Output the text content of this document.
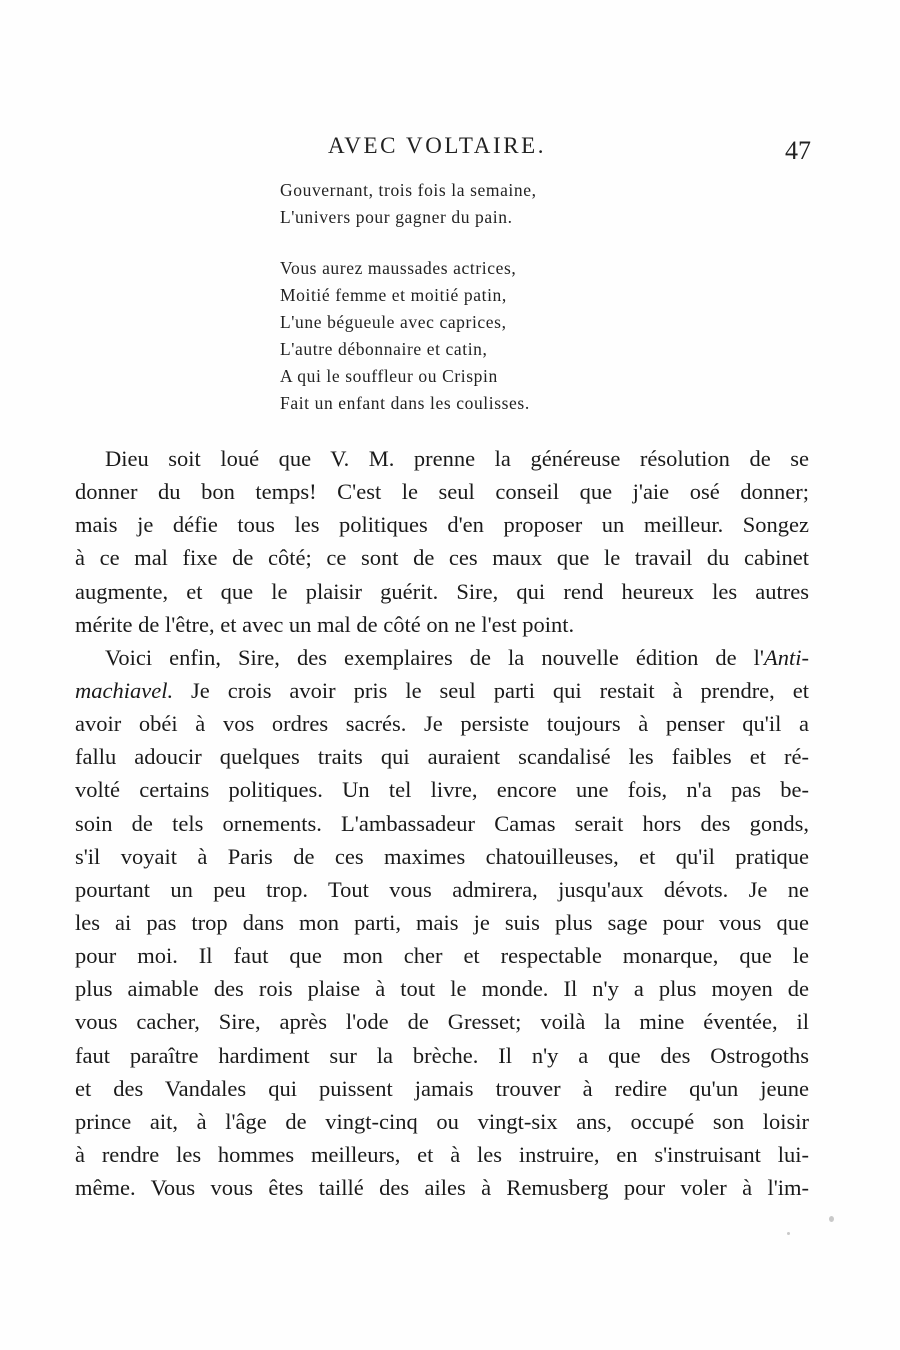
AVEC VOLTAIRE.	47
Gouvernant, trois fois la semaine,
L'univers pour gagner du pain.
Vous aurez maussades actrices,
Moitié femme et moitié patin,
L'une bégueule avec caprices,
L'autre débonnaire et catin,
A qui le souffleur ou Crispin
Fait un enfant dans les coulisses.
Dieu soit loué que V. M. prenne la généreuse résolution de se
donner du bon temps! C'est le seul conseil que j'aie osé donner;
mais je défie tous les politiques d'en proposer un meilleur. Songez
à ce mal fixe de côté; ce sont de ces maux que le travail du cabinet
augmente, et que le plaisir guérit. Sire, qui rend heureux les autres
mérite de l'être, et avec un mal de côté on ne l'est point.
Voici enfin, Sire, des exemplaires de la nouvelle édition de l'Anti-
machiavel. Je crois avoir pris le seul parti qui restait à prendre, et
avoir obéi à vos ordres sacrés. Je persiste toujours à penser qu'il a
fallu adoucir quelques traits qui auraient scandalisé les faibles et ré-
volté certains politiques. Un tel livre, encore une fois, n'a pas be-
soin de tels ornements. L'ambassadeur Camas serait hors des gonds,
s'il voyait à Paris de ces maximes chatouilleuses, et qu'il pratique
pourtant un peu trop. Tout vous admirera, jusqu'aux dévots. Je ne
les ai pas trop dans mon parti, mais je suis plus sage pour vous que
pour moi. Il faut que mon cher et respectable monarque, que le
plus aimable des rois plaise à tout le monde. Il n'y a plus moyen de
vous cacher, Sire, après l'ode de Gresset; voilà la mine éventée, il
faut paraître hardiment sur la brèche. Il n'y a que des Ostrogoths
et des Vandales qui puissent jamais trouver à redire qu'un jeune
prince ait, à l'âge de vingt-cinq ou vingt-six ans, occupé son loisir
à rendre les hommes meilleurs, et à les instruire, en s'instruisant lui-
même. Vous vous êtes taillé des ailes à Remusberg pour voler à l'im-
